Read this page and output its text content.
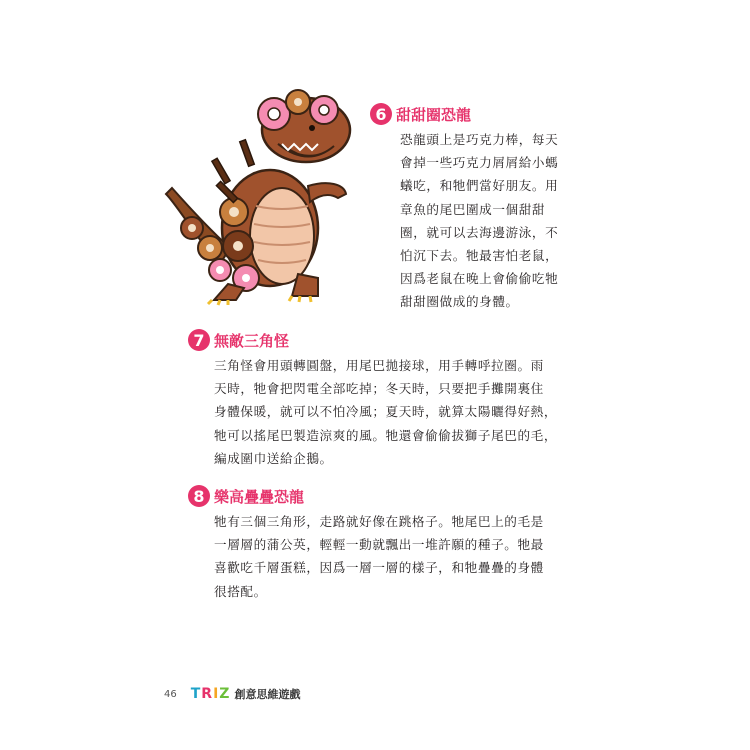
6 甜甜圈恐龍

恐龍頭上是巧克力棒，每天

會掉一些巧克力屑屑給小螞

蟻吃，和牠們當好朋友。用

章魚的尾巴圍成一個甜甜

圈，就可以去海邊游泳，不

怕沉下去。牠最害怕老鼠，

因爲老鼠在晚上會偷偷吃牠

甜甜圈做成的身體。

7 無敵三角怪

三角怪會用頭轉圓盤，用尾巴拋接球，用手轉呼拉圈。雨

天時，牠會把閃電全部吃掉；冬天時，只要把手攤開裏住

身體保暖，就可以不怕冷風；夏天時，就算太陽曬得好熱，

牠可以搖尾巴製造涼爽的風。牠還會偷偷拔獅子尾巴的毛，

編成圍巾送給企鵝。

8 樂高疊疊恐龍

牠有三個三角形，走路就好像在跳格子。牠尾巴上的毛是

一層層的蒲公英，輕輕一動就飄出一堆許願的種子。牠最

喜歡吃千層蛋糕，因爲一層一層的樣子，和牠疊疊的身體

很搭配。

46 TRIZ 創意思維遊戲
